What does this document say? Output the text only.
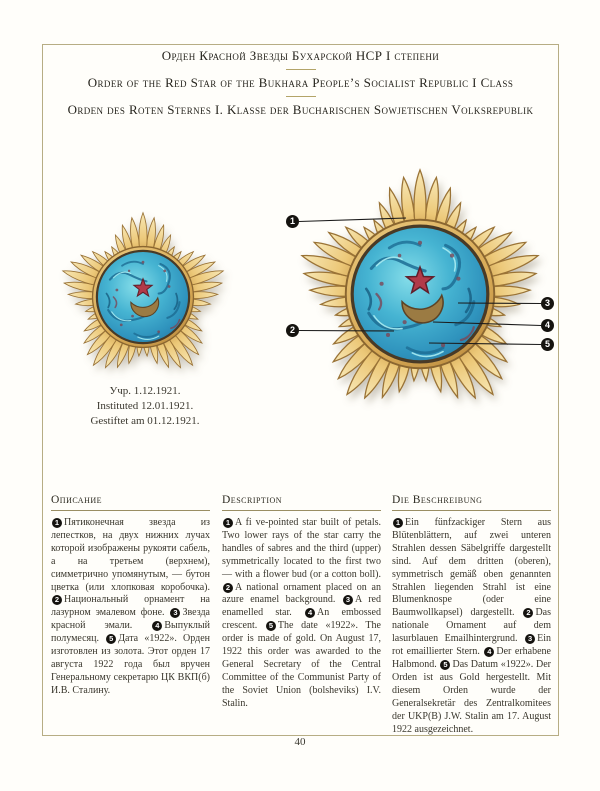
Орден Красной Звезды Бухарской НСР I степени
Order of the Red Star of the Bukhara People’s Socialist Republic I Class
Orden des Roten Sternes I. Klasse der Bucharischen Sowjetischen Volksrepublik
1
2
3
4
5
Учр. 1.12.1921.
Instituted 12.01.1921.
Gestiftet am 01.12.1921.
Описание

1 Пятиконечная звезда из лепестков, на двух нижних лучах которой изображены рукояти сабель, а на третьем (верхнем), симметрично упомянутым, — бутон цветка (или хлопковая коробочка). 2 Национальный орнамент на лазурном эмалевом фоне. 3 Звезда красной эмали. 4 Выпуклый полумесяц. 5 Дата «1922». Орден изготовлен из золота. Этот орден 17 августа 1922 года был вручен Генеральному секретарю ЦК ВКП(б) И.В. Сталину.

Description

1 A fi ve-pointed star built of petals. Two lower rays of the star carry the handles of sabres and the third (upper) symmetrically located to the first two — with a flower bud (or a cotton boll). 2 A national ornament placed on an azure enamel background. 3 A red enamelled star. 4 An embossed crescent. 5 The date «1922». The order is made of gold. On August 17, 1922 this order was awarded to the General Secretary of the Central Committee of the Communist Party of the Soviet Union (bolsheviks) I.V. Stalin.

Die Beschreibung

1 Ein fünfzackiger Stern aus Blütenblättern, auf zwei unteren Strahlen dessen Säbelgriffe dargestellt sind. Auf dem dritten (oberen), symmetrisch gemäß oben genannten Strahlen liegenden Strahl ist eine Blumenknospe (oder eine Baumwollkapsel) dargestellt. 2 Das nationale Ornament auf dem lasurblauen Emailhintergrund. 3 Ein rot emaillierter Stern. 4 Der erhabene Halbmond. 5 Das Datum «1922». Der Orden ist aus Gold hergestellt. Mit diesem Orden wurde der Generalsekretär des Zentralkomitees der UKP(B) J.W. Stalin am 17. August 1922 ausgezeichnet.

40
